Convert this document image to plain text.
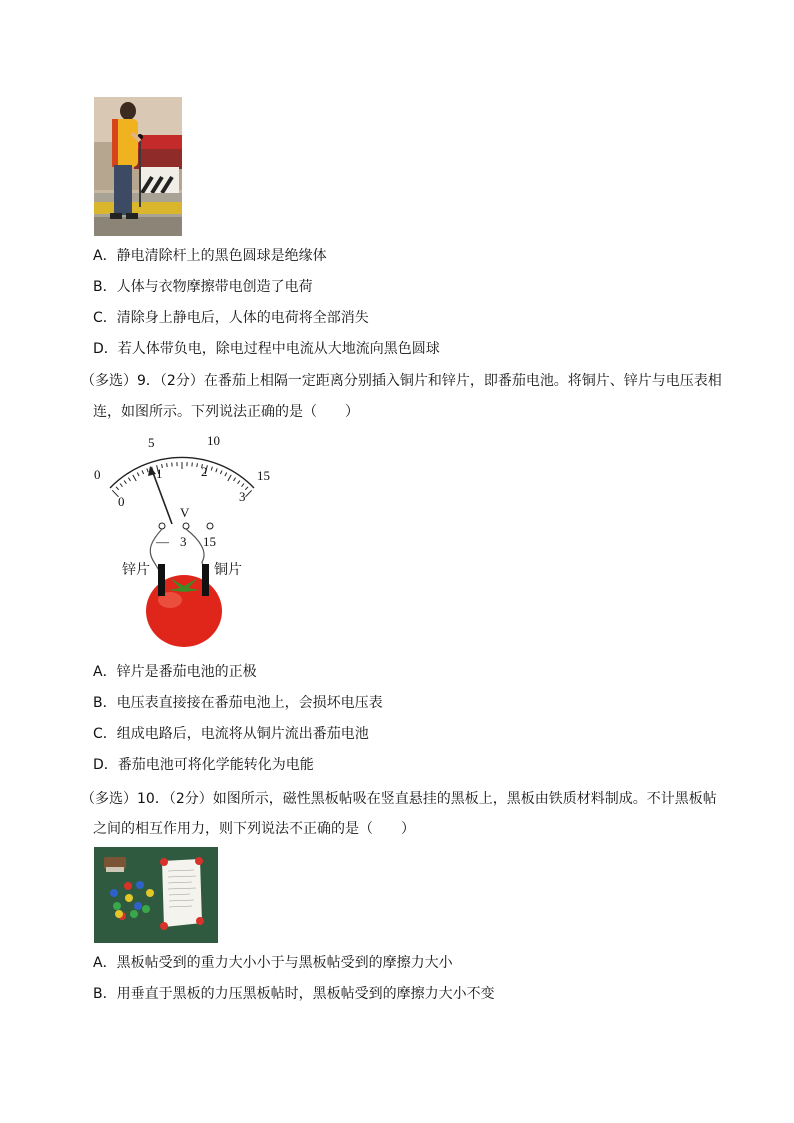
A．静电清除杆上的黑色圆球是绝缘体
B．人体与衣物摩擦带电创造了电荷
C．清除身上静电后，人体的电荷将全部消失
D．若人体带负电，除电过程中电流从大地流向黑色圆球
（多选）9．（2分）在番茄上相隔一定距离分别插入铜片和锌片，即番茄电池。将铜片、锌片与电压表相
连，如图所示。下列说法正确的是（　　）
5	10
0	15
0
1	2
3
V
— 3 15
锌片	铜片
A．锌片是番茄电池的正极
B．电压表直接接在番茄电池上，会损坏电压表
C．组成电路后，电流将从铜片流出番茄电池
D．番茄电池可将化学能转化为电能
（多选）10．（2分）如图所示，磁性黑板帖吸在竖直悬挂的黑板上，黑板由铁质材料制成。不计黑板帖
之间的相互作用力，则下列说法不正确的是（　　）
A．黑板帖受到的重力大小小于与黑板帖受到的摩擦力大小
B．用垂直于黑板的力压黑板帖时，黑板帖受到的摩擦力大小不变
